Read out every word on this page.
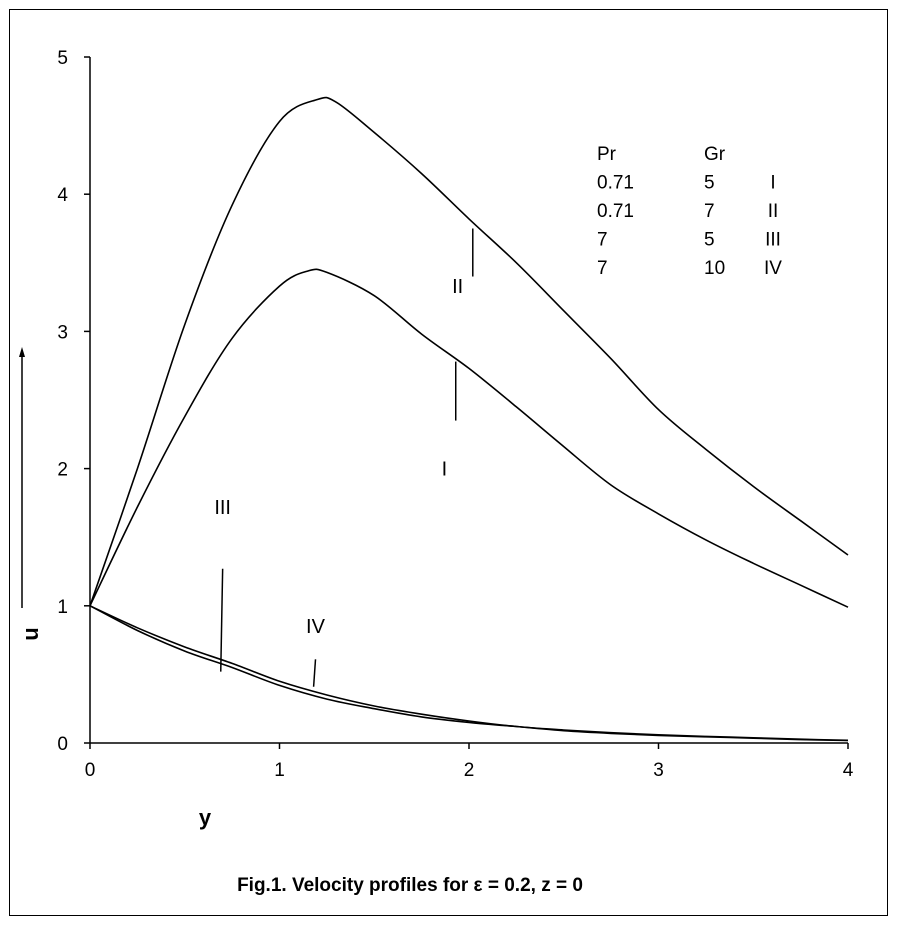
0	1	2	3	4
0
1
2
3
4
5
I
II
III
IV
Pr	Gr
0.71	5	I
0.71	7	II
7	5	III
7	10 IV
u
y
Fig.1. Velocity profiles for ε = 0.2, z = 0
